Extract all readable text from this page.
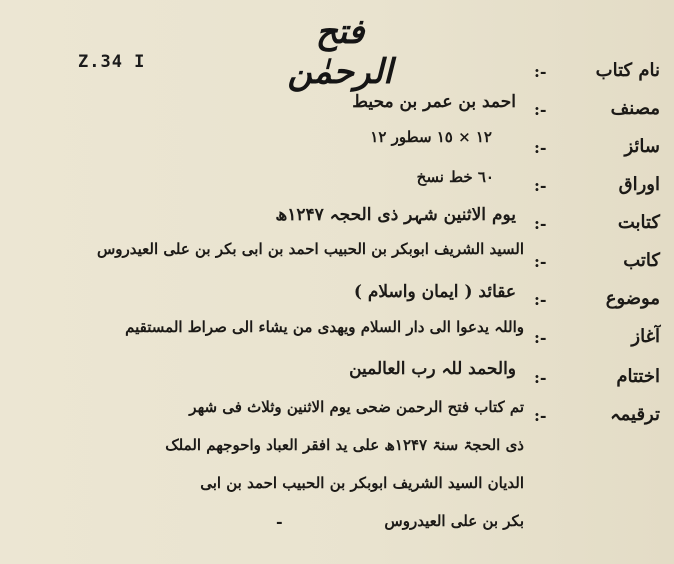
Z.34 I
فتح الرحمٰن	نام کتاب
:-
مصنف
:-
احمد بن عمر بن محیط
سائز
:-
١٢ × ١٥ سطور ١٢
اوراق
:-
٦٠ خط نسخ
کتابت
:-
یوم الاثنین شہر ذی الحجہ ۱۲۴۷ھ
کاتب
:-
السید الشریف ابوبکر بن الحبیب احمد بن ابی بکر بن علی العیدروس
موضوع
:-
عقائد ( ایمان واسلام )
آغاز
:-
واللہ یدعوا الی دار السلام ویھدی من یشاء الی صراط المستقیم
اختتام
:-
والحمد للہ رب العالمین
ترقیمہ
:-
تم کتاب فتح الرحمن ضحی یوم الاثنین وثلاث فی شھر
ذی الحجۃ سنۃ ۱۲۴۷ھ علی ید افقر العباد واحوجھم الملک
الدیان السید الشریف ابوبکر بن الحبیب احمد بن ابی
بکر بن علی العیدروس
-
